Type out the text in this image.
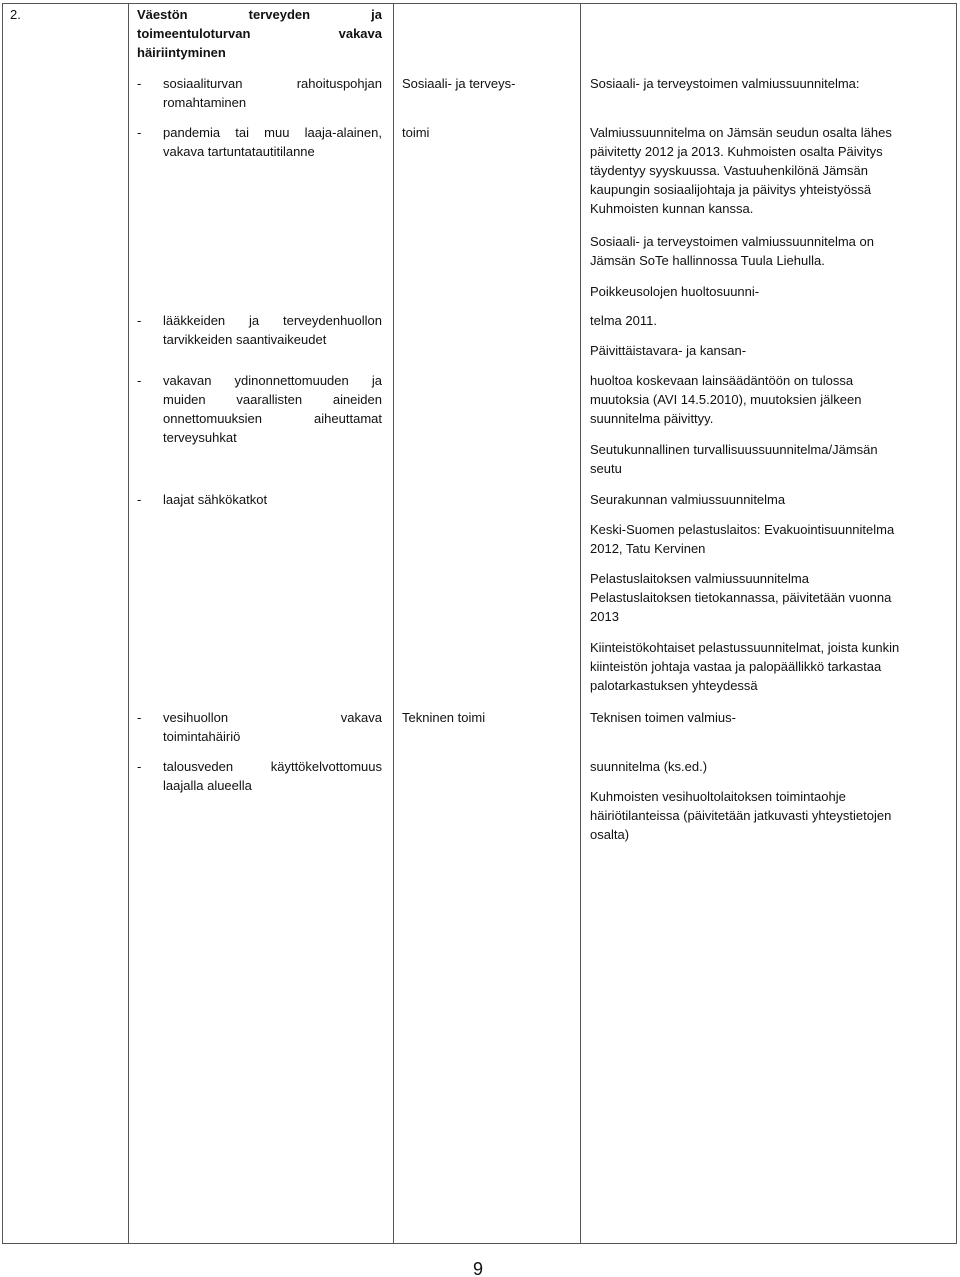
2.	Väestön terveyden ja
toimeentuloturvan vakava
häiriintyminen
- sosiaaliturvan rahoituspohjan
romahtaminen
- pandemia tai muu laaja-alainen,
vakava tartuntatautitilanne
- lääkkeiden ja terveydenhuollon
tarvikkeiden saantivaikeudet
- vakavan ydinonnettomuuden ja
muiden vaarallisten aineiden
onnettomuuksien aiheuttamat
terveysuhkat
- laajat sähkökatkot
- vesihuollon vakava
toimintahäiriö
- talousveden käyttökelvottomuus
laajalla alueella
Sosiaali- ja terveys-
toimi
Tekninen toimi
Sosiaali- ja terveystoimen valmiussuunnitelma:
Valmiussuunnitelma on Jämsän seudun osalta lähes
päivitetty 2012 ja 2013. Kuhmoisten osalta Päivitys
täydentyy syyskuussa. Vastuuhenkilönä Jämsän
kaupungin sosiaalijohtaja ja päivitys yhteistyössä
Kuhmoisten kunnan kanssa.
Sosiaali- ja terveystoimen valmiussuunnitelma on
Jämsän SoTe hallinnossa Tuula Liehulla.
Poikkeusolojen huoltosuunni-
telma 2011.
Päivittäistavara- ja kansan-
huoltoa koskevaan lainsäädäntöön on tulossa
muutoksia (AVI 14.5.2010), muutoksien jälkeen
suunnitelma päivittyy.
Seutukunnallinen turvallisuussuunnitelma/Jämsän
seutu
Seurakunnan valmiussuunnitelma
Keski-Suomen pelastuslaitos: Evakuointisuunnitelma
2012, Tatu Kervinen
Pelastuslaitoksen valmiussuunnitelma
Pelastuslaitoksen tietokannassa, päivitetään vuonna
2013
Kiinteistökohtaiset pelastussuunnitelmat, joista kunkin
kiinteistön johtaja vastaa ja palopäällikkö tarkastaa
palotarkastuksen yhteydessä
Teknisen toimen valmius-
suunnitelma (ks.ed.)
Kuhmoisten vesihuoltolaitoksen toimintaohje
häiriötilanteissa (päivitetään jatkuvasti yhteystietojen
osalta)
9
